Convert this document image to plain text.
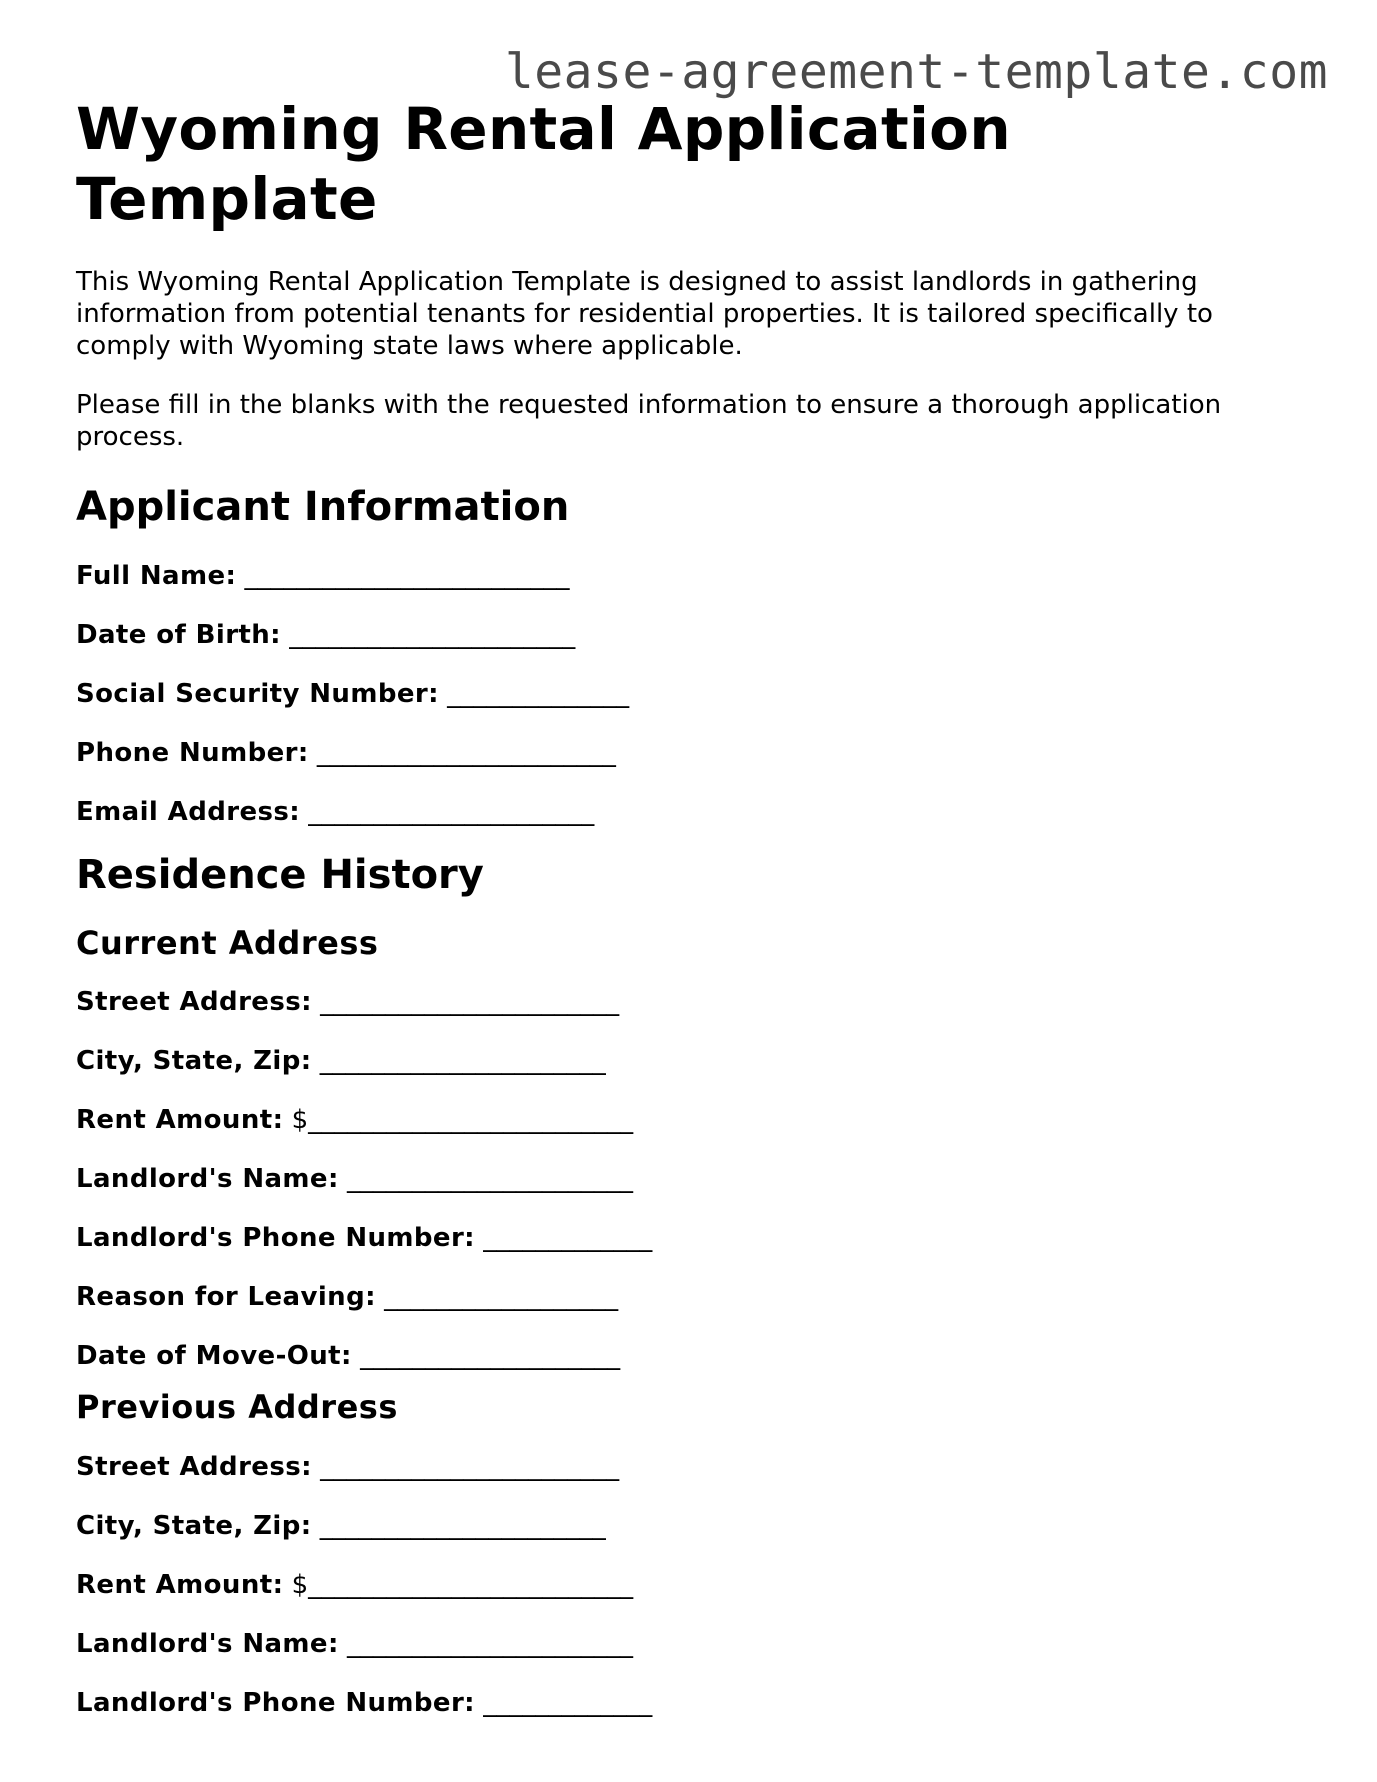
lease-agreement-template.com
Wyoming Rental Application Template

This Wyoming Rental Application Template is designed to assist landlords in gathering information from potential tenants for residential properties. It is tailored specifically to comply with Wyoming state laws where applicable.

Please fill in the blanks with the requested information to ensure a thorough application process.

Applicant Information
Full Name: _________________________
Date of Birth: ______________________
Social Security Number: ______________
Phone Number: _______________________
Email Address: ______________________
Residence History
Current Address
Street Address: _______________________
City, State, Zip: ______________________
Rent Amount: $_________________________
Landlord's Name: ______________________
Landlord's Phone Number: _____________
Reason for Leaving: __________________
Date of Move-Out: ____________________
Previous Address
Street Address: _______________________
City, State, Zip: ______________________
Rent Amount: $_________________________
Landlord's Name: ______________________
Landlord's Phone Number: _____________
